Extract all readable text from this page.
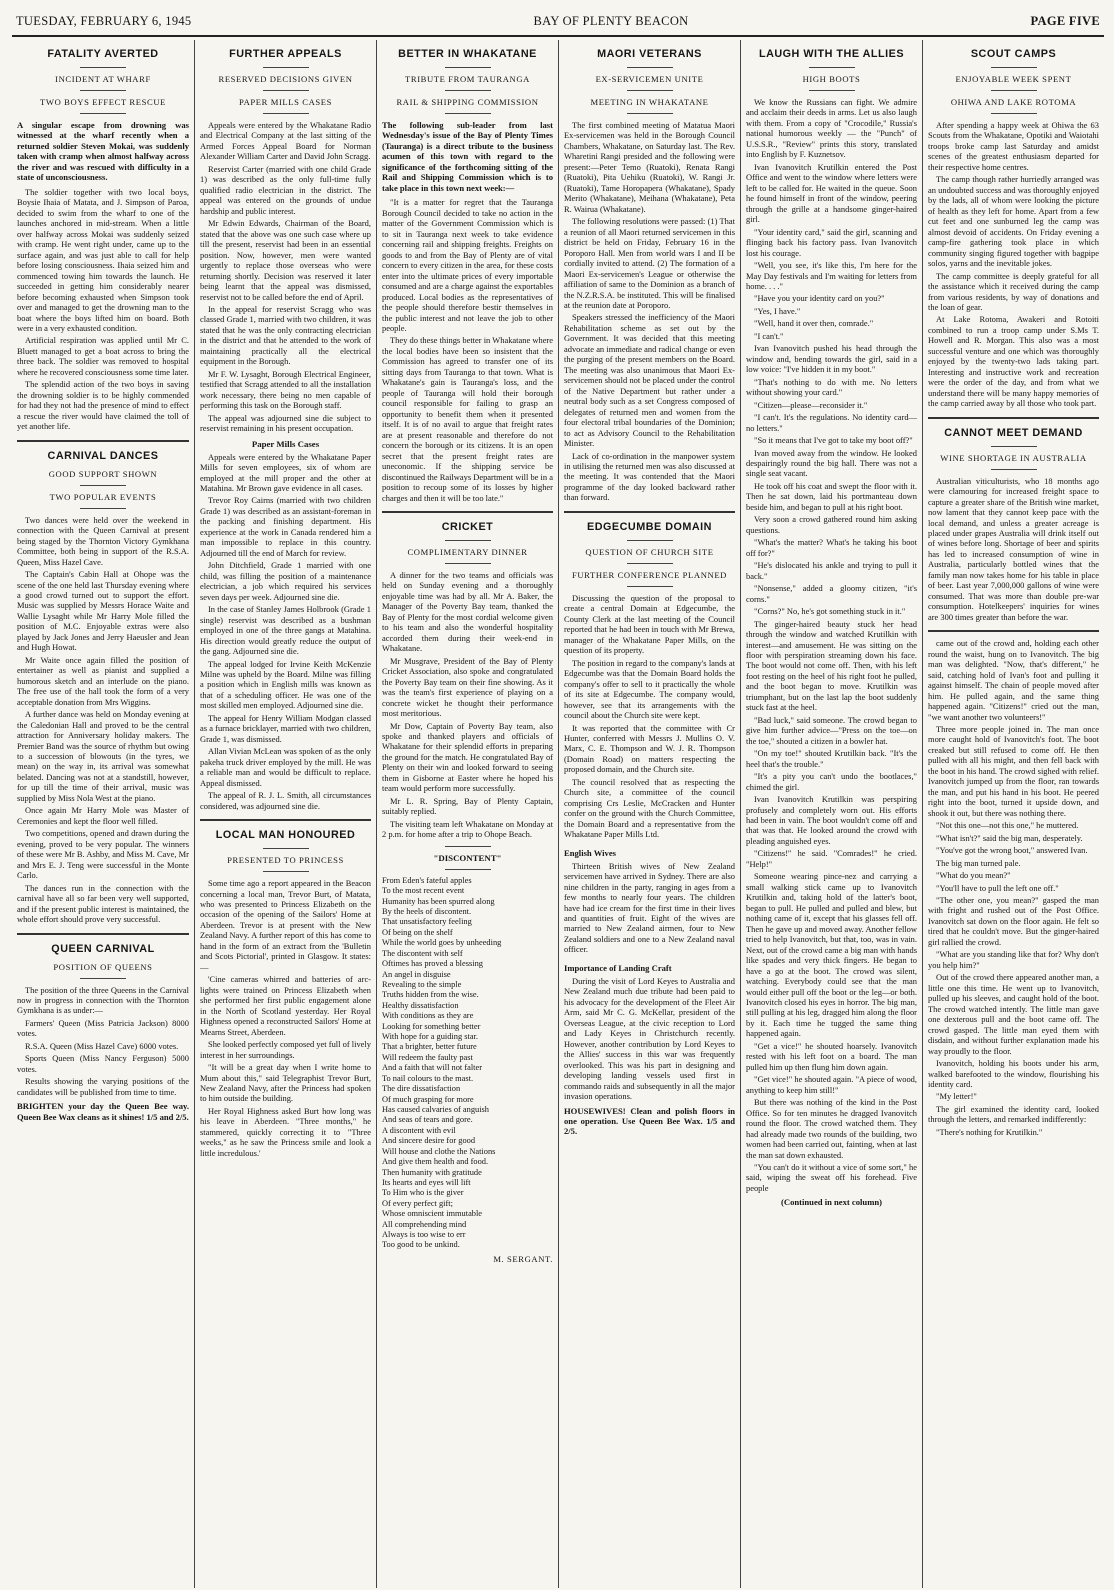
TUESDAY, FEBRUARY 6, 1945	BAY OF PLENTY BEACON	PAGE FIVE
FATALITY AVERTED
INCIDENT AT WHARF
TWO BOYS EFFECT RESCUE
A singular escape from drowning was witnessed at the wharf recently when a returned soldier Steven Mokai, was suddenly taken with cramp when almost halfway across the river and was rescued with difficulty in a state of unconsciousness.

The soldier together with two local boys, Boysie Ihaia of Matata, and J. Simpson of Paroa, decided to swim from the wharf to one of the launches anchored in mid-stream. When a little over halfway across Mokai was suddenly seized with cramp. He went right under, came up to the surface again, and was just able to call for help before losing consciousness. Ihaia seized him and commenced towing him towards the launch. He succeeded in getting him considerably nearer before becoming exhausted when Simpson took over and managed to get the drowning man to the boat where the boys lifted him on board. Both were in a very exhausted condition.

Artificial respiration was applied until Mr C. Bluett managed to get a boat across to bring the three back. The soldier was removed to hospital where he recovered consciousness some time later.

The splendid action of the two boys in saving the drowning soldier is to be highly commended for had they not had the presence of mind to effect a rescue the river would have claimed the toll of yet another life.

CARNIVAL DANCES
GOOD SUPPORT SHOWN
TWO POPULAR EVENTS

Two dances were held over the weekend in connection with the Queen Carnival at present being staged by the Thornton Victory Gymkhana Committee, both being in support of the R.S.A. Queen, Miss Hazel Cave.

The Captain's Cabin Hall at Ohope was the scene of the one held last Thursday evening where a good crowd turned out to support the effort. Music was supplied by Messrs Horace Waite and Wallie Lysaght while Mr Harry Mole filled the position of M.C. Enjoyable extras were also played by Jack Jones and Jerry Haeusler and Jean and Hugh Howat.

Mr Waite once again filled the position of entertainer as well as pianist and supplied a humorous sketch and an interlude on the piano. The free use of the hall took the form of a very acceptable donation from Mrs Wiggins.

A further dance was held on Monday evening at the Caledonian Hall and proved to be the central attraction for Anniversary holiday makers. The Premier Band was the source of rhythm but owing to a succession of blowouts (in the tyres, we mean) on the way in, its arrival was somewhat belated. Dancing was not at a standstill, however, for up till the time of their arrival, music was supplied by Miss Nola West at the piano.

Once again Mr Harry Mole was Master of Ceremonies and kept the floor well filled.

Two competitions, opened and drawn during the evening, proved to be very popular. The winners of these were Mr B. Ashby, and Miss M. Cave, Mr and Mrs E. J. Teng were successful in the Monte Carlo.

The dances run in the connection with the carnival have all so far been very well supported, and if the present public interest is maintained, the whole effort should prove very successful.

QUEEN CARNIVAL
POSITION OF QUEENS

The position of the three Queens in the Carnival now in progress in connection with the Thornton Gymkhana is as under:—

Farmers' Queen (Miss Patricia Jackson) 8000 votes.

R.S.A. Queen (Miss Hazel Cave) 6000 votes.

Sports Queen (Miss Nancy Ferguson) 5000 votes.

Results showing the varying positions of the candidates will be published from time to time.

BRIGHTEN your day the Queen Bee way. Queen Bee Wax cleans as it shines! 1/5 and 2/5.
FURTHER APPEALS
RESERVED DECISIONS GIVEN
PAPER MILLS CASES

Appeals were entered by the Whakatane Radio and Electrical Company at the last sitting of the Armed Forces Appeal Board for Norman Alexander William Carter and David John Scragg.

Reservist Carter (married with one child Grade 1) was described as the only full-time fully qualified radio electrician in the district. The appeal was entered on the grounds of undue hardship and public interest.

Mr Edwin Edwards, Chairman of the Board, stated that the above was one such case where up till the present, reservist had been in an essential position. Now, however, men were wanted urgently to replace those overseas who were returning shortly. Decision was reserved it later being learnt that the appeal was dismissed, reservist not to be called before the end of April.

In the appeal for reservist Scragg who was classed Grade 1, married with two children, it was stated that he was the only contracting electrician in the district and that he attended to the work of maintaining practically all the electrical equipment in the Borough.

Mr F. W. Lysaght, Borough Electrical Engineer, testified that Scragg attended to all the installation work necessary, there being no men capable of performing this task on the Borough staff.

The appeal was adjourned sine die subject to reservist remaining in his present occupation.

Paper Mills Cases

Appeals were entered by the Whakatane Paper Mills for seven employees, six of whom are employed at the mill proper and the other at Matahina. Mr Brown gave evidence in all cases.

Trevor Roy Cairns (married with two children Grade 1) was described as an assistant-foreman in the packing and finishing department. His experience at the work in Canada rendered him a man impossible to replace in this country. Adjourned till the end of March for review.

John Ditchfield, Grade 1 married with one child, was filling the position of a maintenance electrician, a job which required his services seven days per week. Adjourned sine die.

In the case of Stanley James Holbrook (Grade 1 single) reservist was described as a bushman employed in one of the three gangs at Matahina. His direction would greatly reduce the output of the gang. Adjourned sine die.

The appeal lodged for Irvine Keith McKenzie Milne was upheld by the Board. Milne was filling a position which in English mills was known as that of a scheduling officer. He was one of the most skilled men employed. Adjourned sine die.

The appeal for Henry William Modgan classed as a furnace bricklayer, married with two children, Grade 1, was dismissed.

Allan Vivian McLean was spoken of as the only pakeha truck driver employed by the mill. He was a reliable man and would be difficult to replace. Appeal dismissed.

The appeal of R. J. L. Smith, all circumstances considered, was adjourned sine die.

LOCAL MAN HONOURED
PRESENTED TO PRINCESS

Some time ago a report appeared in the Beacon concerning a local man, Trevor Burt, of Matata, who was presented to Princess Elizabeth on the occasion of the opening of the Sailors' Home at Aberdeen. Trevor is at present with the New Zealand Navy. A further report of this has come to hand in the form of an extract from the 'Bulletin and Scots Pictorial', printed in Glasgow. It states:—

'Cine cameras whirred and batteries of arc-lights were trained on Princess Elizabeth when she performed her first public engagement alone in the North of Scotland yesterday. Her Royal Highness opened a reconstructed Sailors' Home at Mearns Street, Aberdeen.

She looked perfectly composed yet full of lively interest in her surroundings.

"It will be a great day when I write home to Mum about this," said Telegraphist Trevor Burt, New Zealand Navy, after the Princess had spoken to him outside the building.

Her Royal Highness asked Burt how long was his leave in Aberdeen. "Three months," he stammered, quickly correcting it to "Three weeks," as he saw the Princess smile and look a little incredulous.'

BETTER IN WHAKATANE
TRIBUTE FROM TAURANGA
RAIL & SHIPPING COMMISSION
The following sub-leader from last Wednesday's issue of the Bay of Plenty Times (Tauranga) is a direct tribute to the business acumen of this town with regard to the significance of the forthcoming sitting of the Rail and Shipping Commission which is to take place in this town next week:—

"It is a matter for regret that the Tauranga Borough Council decided to take no action in the matter of the Government Commission which is to sit in Tauranga next week to take evidence concerning rail and shipping freights. Freights on goods to and from the Bay of Plenty are of vital concern to every citizen in the area, for these costs enter into the ultimate prices of every importable consumed and are a charge against the exportables produced. Local bodies as the representatives of the people should therefore bestir themselves in the public interest and not leave the job to other people.

They do these things better in Whakatane where the local bodies have been so insistent that the Commission has agreed to transfer one of its sitting days from Tauranga to that town. What is Whakatane's gain is Tauranga's loss, and the people of Tauranga will hold their borough council responsible for failing to grasp an opportunity to benefit them when it presented itself. It is of no avail to argue that freight rates are at present reasonable and therefore do not concern the borough or its citizens. It is an open secret that the present freight rates are uneconomic. If the shipping service be discontinued the Railways Department will be in a position to recoup some of its losses by higher charges and then it will be too late."

CRICKET
COMPLIMENTARY DINNER

A dinner for the two teams and officials was held on Sunday evening and a thoroughly enjoyable time was had by all. Mr A. Baker, the Manager of the Poverty Bay team, thanked the Bay of Plenty for the most cordial welcome given to his team and also the wonderful hospitality accorded them during their week-end in Whakatane.

Mr Musgrave, President of the Bay of Plenty Cricket Association, also spoke and congratulated the Poverty Bay team on their fine showing. As it was the team's first experience of playing on a concrete wicket he thought their performance most meritorious.

Mr Dow, Captain of Poverty Bay team, also spoke and thanked players and officials of Whakatane for their splendid efforts in preparing the ground for the match. He congratulated Bay of Plenty on their win and looked forward to seeing them in Gisborne at Easter where he hoped his team would perform more successfully.

Mr L. R. Spring, Bay of Plenty Captain, suitably replied.

The visiting team left Whakatane on Monday at 2 p.m. for home after a trip to Ohope Beach.

"DISCONTENT"
From Eden's fateful apples
To the most recent event
Humanity has been spurred along
By the heels of discontent.
That unsatisfactory feeling
Of being on the shelf
While the world goes by unheeding
The discontent with self
Oftimes has proved a blessing
An angel in disguise
Revealing to the simple
Truths hidden from the wise.
Healthy dissatisfaction
With conditions as they are
Looking for something better
With hope for a guiding star.
That a brighter, better future
Will redeem the faulty past
And a faith that will not falter
To nail colours to the mast.
The dire dissatisfaction
Of much grasping for more
Has caused calvaries of anguish
And seas of tears and gore.
A discontent with evil
And sincere desire for good
Will house and clothe the Nations
And give them health and food.
Then humanity with gratitude
Its hearts and eyes will lift
To Him who is the giver
Of every perfect gift;
Whose omniscient immutable
All comprehending mind
Always is too wise to err
Too good to be unkind.
M. SERGANT.
MAORI VETERANS
EX-SERVICEMEN UNITE
MEETING IN WHAKATANE

The first combined meeting of Matatua Maori Ex-servicemen was held in the Borough Council Chambers, Whakatane, on Saturday last. The Rev. Wharetini Rangi presided and the following were present:—Peter Temo (Ruatoki), Renata Rangi (Ruatoki), Pita Uehiku (Ruatoki), W. Rangi Jr. (Ruatoki), Tame Horopapera (Whakatane), Spady Merito (Whakatane), Meihana (Whakatane), Peta R. Wairua (Whakatane).

The following resolutions were passed: (1) That a reunion of all Maori returned servicemen in this district be held on Friday, February 16 in the Poroporo Hall. Men from world wars I and II be cordially invited to attend. (2) The formation of a Maori Ex-servicemen's League or otherwise the affiliation of same to the Dominion as a branch of the N.Z.R.S.A. be instituted. This will be finalised at the reunion date at Poroporo.

Speakers stressed the inefficiency of the Maori Rehabilitation scheme as set out by the Government. It was decided that this meeting advocate an immediate and radical change or even the purging of the present members on the Board. The meeting was also unanimous that Maori Ex-servicemen should not be placed under the control of the Native Department but rather under a neutral body such as a set Congress composed of delegates of returned men and women from the four electoral tribal boundaries of the Dominion; to act as Advisory Council to the Rehabilitation Minister.

Lack of co-ordination in the manpower system in utilising the returned men was also discussed at the meeting. It was contended that the Maori programme of the day looked backward rather than forward.

EDGECUMBE DOMAIN
QUESTION OF CHURCH SITE
FURTHER CONFERENCE PLANNED

Discussing the question of the proposal to create a central Domain at Edgecumbe, the County Clerk at the last meeting of the Council reported that he had been in touch with Mr Brewa, manager of the Whakatane Paper Mills, on the question of its property.

The position in regard to the company's lands at Edgecumbe was that the Domain Board holds the company's offer to sell to it practically the whole of its site at Edgecumbe. The company would, however, see that its arrangements with the council about the Church site were kept.

It was reported that the committee with Cr Hunter, conferred with Messrs J. Mullins O. V. Marx, C. E. Thompson and W. J. R. Thompson (Domain Road) on matters respecting the proposed domain, and the Church site.

The council resolved that as respecting the Church site, a committee of the council comprising Crs Leslie, McCracken and Hunter confer on the ground with the Church Committee, the Domain Board and a representative from the Whakatane Paper Mills Ltd.

English Wives

Thirteen British wives of New Zealand servicemen have arrived in Sydney. There are also nine children in the party, ranging in ages from a few months to nearly four years. The children have had ice cream for the first time in their lives and quantities of fruit. Eight of the wives are married to New Zealand airmen, four to New Zealand soldiers and one to a New Zealand naval officer.

Importance of Landing Craft

During the visit of Lord Keyes to Australia and New Zealand much due tribute had been paid to his advocacy for the development of the Fleet Air Arm, said Mr C. G. McKellar, president of the Overseas League, at the civic reception to Lord and Lady Keyes in Christchurch recently. However, another contribution by Lord Keyes to the Allies' success in this war was frequently overlooked. This was his part in designing and developing landing vessels used first in commando raids and subsequently in all the major invasion operations.

HOUSEWIVES! Clean and polish floors in one operation. Use Queen Bee Wax. 1/5 and 2/5.
LAUGH WITH THE ALLIES
HIGH BOOTS

We know the Russians can fight. We admire and acclaim their deeds in arms. Let us also laugh with them. From a copy of "Crocodile," Russia's national humorous weekly — the "Punch" of U.S.S.R., "Review" prints this story, translated into English by F. Kuznetsov.

Ivan Ivanovitch Krutilkin entered the Post Office and went to the window where letters were left to be called for. He waited in the queue. Soon he found himself in front of the window, peering through the grille at a handsome ginger-haired girl.

"Your identity card," said the girl, scanning and flinging back his factory pass. Ivan Ivanovitch lost his courage.

"Well, you see, it's like this, I'm here for the May Day festivals and I'm waiting for letters from home. . . ."

"Have you your identity card on you?"

"Yes, I have."

"Well, hand it over then, comrade."

"I can't."

Ivan Ivanovitch pushed his head through the window and, bending towards the girl, said in a low voice: "I've hidden it in my boot."

"That's nothing to do with me. No letters without showing your card."

"Citizen—please—reconsider it."

"I can't. It's the regulations. No identity card—no letters."

"So it means that I've got to take my boot off?"

Ivan moved away from the window. He looked despairingly round the big hall. There was not a single seat vacant.

He took off his coat and swept the floor with it. Then he sat down, laid his portmanteau down beside him, and began to pull at his right boot.

Very soon a crowd gathered round him asking questions.

"What's the matter? What's he taking his boot off for?"

"He's dislocated his ankle and trying to pull it back."

"Nonsense," added a gloomy citizen, "it's corns."

"Corns?" No, he's got something stuck in it."

The ginger-haired beauty stuck her head through the window and watched Krutilkin with interest—and amusement. He was sitting on the floor with perspiration streaming down his face. The boot would not come off. Then, with his left foot resting on the heel of his right foot he pulled, and the boot began to move. Krutilkin was triumphant, but on the last lap the boot suddenly stuck fast at the heel.

"Bad luck," said someone. The crowd began to give him further advice—"Press on the toe—on the toe," shouted a citizen in a bowler hat.

"On my toe!" shouted Krutilkin back. "It's the heel that's the trouble."

"It's a pity you can't undo the bootlaces," chimed the girl.

Ivan Ivanovitch Krutilkin was perspiring profusely and completely worn out. His efforts had been in vain. The boot wouldn't come off and that was that. He looked around the crowd with pleading anguished eyes.

"Citizens!" he said. "Comrades!" he cried. "Help!"

Someone wearing pince-nez and carrying a small walking stick came up to Ivanovitch Krutilkin and, taking hold of the latter's boot, began to pull. He pulled and pulled and blew, but nothing came of it, except that his glasses fell off. Then he gave up and moved away. Another fellow tried to help Ivanovitch, but that, too, was in vain. Next, out of the crowd came a big man with hands like spades and very thick fingers. He began to have a go at the boot. The crowd was silent, watching. Everybody could see that the man would either pull off the boot or the leg—or both. Ivanovitch closed his eyes in horror. The big man, still pulling at his leg, dragged him along the floor by it. Each time he tugged the same thing happened again.

"Get a vice!" he shouted hoarsely. Ivanovitch rested with his left foot on a board. The man pulled him up then flung him down again.

"Get vice!" he shouted again. "A piece of wood, anything to keep him still!"

But there was nothing of the kind in the Post Office. So for ten minutes he dragged Ivanovitch round the floor. The crowd watched them. They had already made two rounds of the building, two women had been carried out, fainting, when at last the man sat down exhausted.

"You can't do it without a vice of some sort," he said, wiping the sweat off his forehead. Five people

(Continued in next column)
SCOUT CAMPS
ENJOYABLE WEEK SPENT
OHIWA AND LAKE ROTOMA

After spending a happy week at Ohiwa the 63 Scouts from the Whakatane, Opotiki and Waiotahi troops broke camp last Saturday and amidst scenes of the greatest enthusiasm departed for their respective home centres.

The camp though rather hurriedly arranged was an undoubted success and was thoroughly enjoyed by the lads, all of whom were looking the picture of health as they left for home. Apart from a few cut feet and one sunburned leg the camp was almost devoid of accidents. On Friday evening a camp-fire gathering took place in which community singing figured together with bagpipe solos, yarns and the inevitable jokes.

The camp committee is deeply grateful for all the assistance which it received during the camp from various residents, by way of donations and the loan of gear.

At Lake Rotoma, Awakeri and Rotoiti combined to run a troop camp under S.Ms T. Howell and R. Morgan. This also was a most successful venture and one which was thoroughly enjoyed by the twenty-two lads taking part. Interesting and instructive work and recreation were the order of the day, and from what we understand there will be many happy memories of the camp carried away by all those who took part.

CANNOT MEET DEMAND
WINE SHORTAGE IN AUSTRALIA

Australian viticulturists, who 18 months ago were clamouring for increased freight space to capture a greater share of the British wine market, now lament that they cannot keep pace with the local demand, and unless a greater acreage is placed under grapes Australia will drink itself out of wines before long. Shortage of beer and spirits has led to increased consumption of wine in Australia, particularly bottled wines that the family man now takes home for his table in place of beer. Last year 7,000,000 gallons of wine were consumed. That was more than double pre-war consumption. Hotelkeepers' inquiries for wines are 300 times greater than before the war.

came out of the crowd and, holding each other round the waist, hung on to Ivanovitch. The big man was delighted. "Now, that's different," he said, catching hold of Ivan's foot and pulling it against himself. The chain of people moved after him. He pulled again, and the same thing happened again. "Citizens!" cried out the man, "we want another two volunteers!"

Three more people joined in. The man once more caught hold of Ivanovitch's foot. The boot creaked but still refused to come off. He then pulled with all his might, and then fell back with the boot in his hand. The crowd sighed with relief. Ivanovitch jumped up from the floor, ran towards the man, and put his hand in his boot. He peered right into the boot, turned it upside down, and shook it out, but there was nothing there.

"Not this one—not this one," he muttered.

"What isn't?" said the big man, desperately.

"You've got the wrong boot," answered Ivan.

The big man turned pale.

"What do you mean?"

"You'll have to pull the left one off."

"The other one, you mean?" gasped the man with fright and rushed out of the Post Office. Ivanovitch sat down on the floor again. He felt so tired that he couldn't move. But the ginger-haired girl rallied the crowd.

"What are you standing like that for? Why don't you help him?"

Out of the crowd there appeared another man, a little one this time. He went up to Ivanovitch, pulled up his sleeves, and caught hold of the boot. The crowd watched intently. The little man gave one dexterous pull and the boot came off. The crowd gasped. The little man eyed them with disdain, and without further explanation made his way proudly to the floor.

Ivanovitch, holding his boots under his arm, walked barefooted to the window, flourishing his identity card.

"My letter!"

The girl examined the identity card, looked through the letters, and remarked indifferently:

"There's nothing for Krutilkin."
